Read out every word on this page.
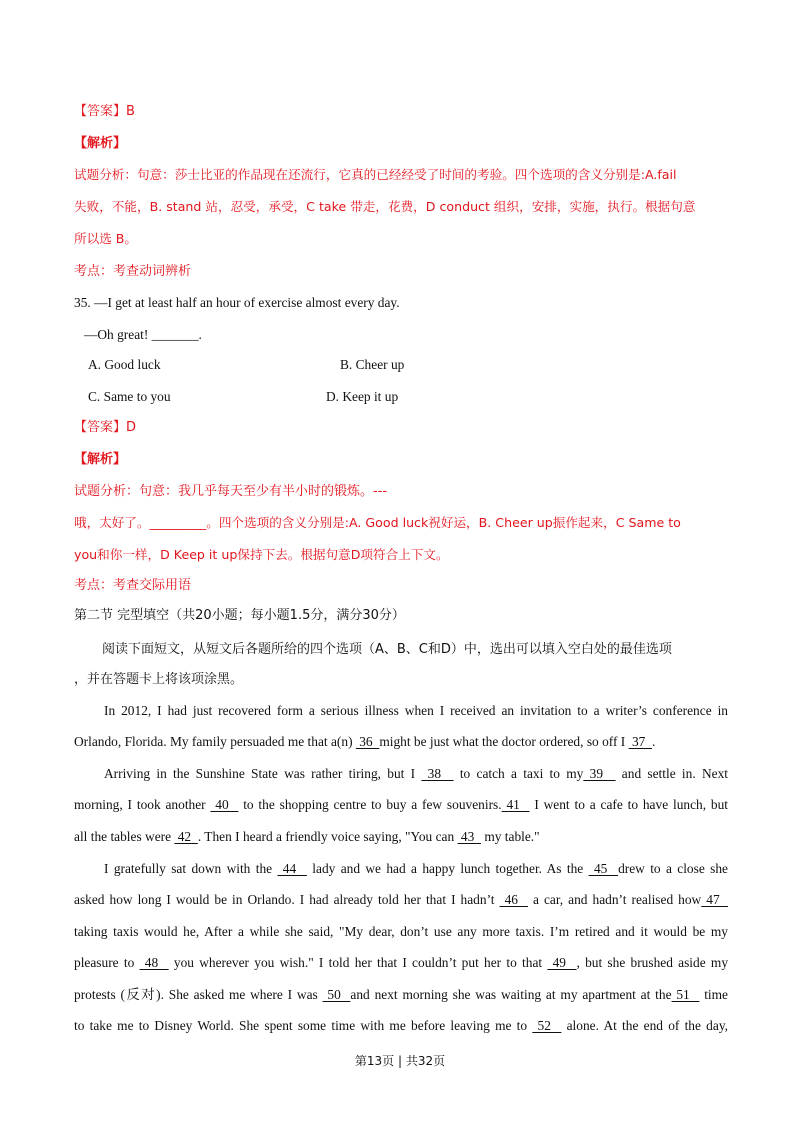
【答案】B
【解析】
试题分析：句意：莎士比亚的作品现在还流行，它真的已经经受了时间的考验。四个选项的含义分别是:A.fail
失败，不能，B. stand 站，忍受，承受，C take 带走，花费，D conduct 组织，安排，实施，执行。根据句意
所以选 B。
考点：考查动词辨析
35. —I get at least half an hour of exercise almost every day.
—Oh great! _______.
A. Good luck	B. Cheer up
C. Same to you	D. Keep it up
【答案】D
【解析】
试题分析：句意：我几乎每天至少有半小时的锻炼。---
哦，太好了。_________。四个选项的含义分别是:A. Good luck祝好运，B. Cheer up振作起来，C Same to
you和你一样，D Keep it up保持下去。根据句意D项符合上下文。
考点：考查交际用语
第二节 完型填空（共20小题；每小题1.5分，满分30分）
阅读下面短文，从短文后各题所给的四个选项（A、B、C和D）中，选出可以填入空白处的最佳选项
，并在答题卡上将该项涂黑。
In 2012, I had just recovered form a serious illness when I received an invitation to a writer’s conference in
Orlando, Florida. My family persuaded me that a(n)  36  might be just what the doctor ordered, so off I  37  .
Arriving in the Sunshine State was rather tiring, but I  38   to catch a taxi to my 39   and settle in. Next
morning, I took another  40   to the shopping centre to buy a few souvenirs. 41   I went to a cafe to have lunch, but
all the tables were  42  . Then I heard a friendly voice saying, "You can  43   my table."
I gratefully sat down with the  44   lady and we had a happy lunch together. As the  45  drew to a close she
asked how long I would be in Orlando. I had already told her that I hadn’t  46   a car, and hadn’t realised how 47
taking taxis would he, After a while she said, "My dear, don’t use any more taxis. I’m retired and it would be my
pleasure to  48   you wherever you wish." I told her that I couldn’t put her to that  49  , but she brushed aside my
protests (反对). She asked me where I was  50  and next morning she was waiting at my apartment at the 51   time
to take me to Disney World. She spent some time with me before leaving me to  52   alone. At the end of the day,
第13页 | 共32页
